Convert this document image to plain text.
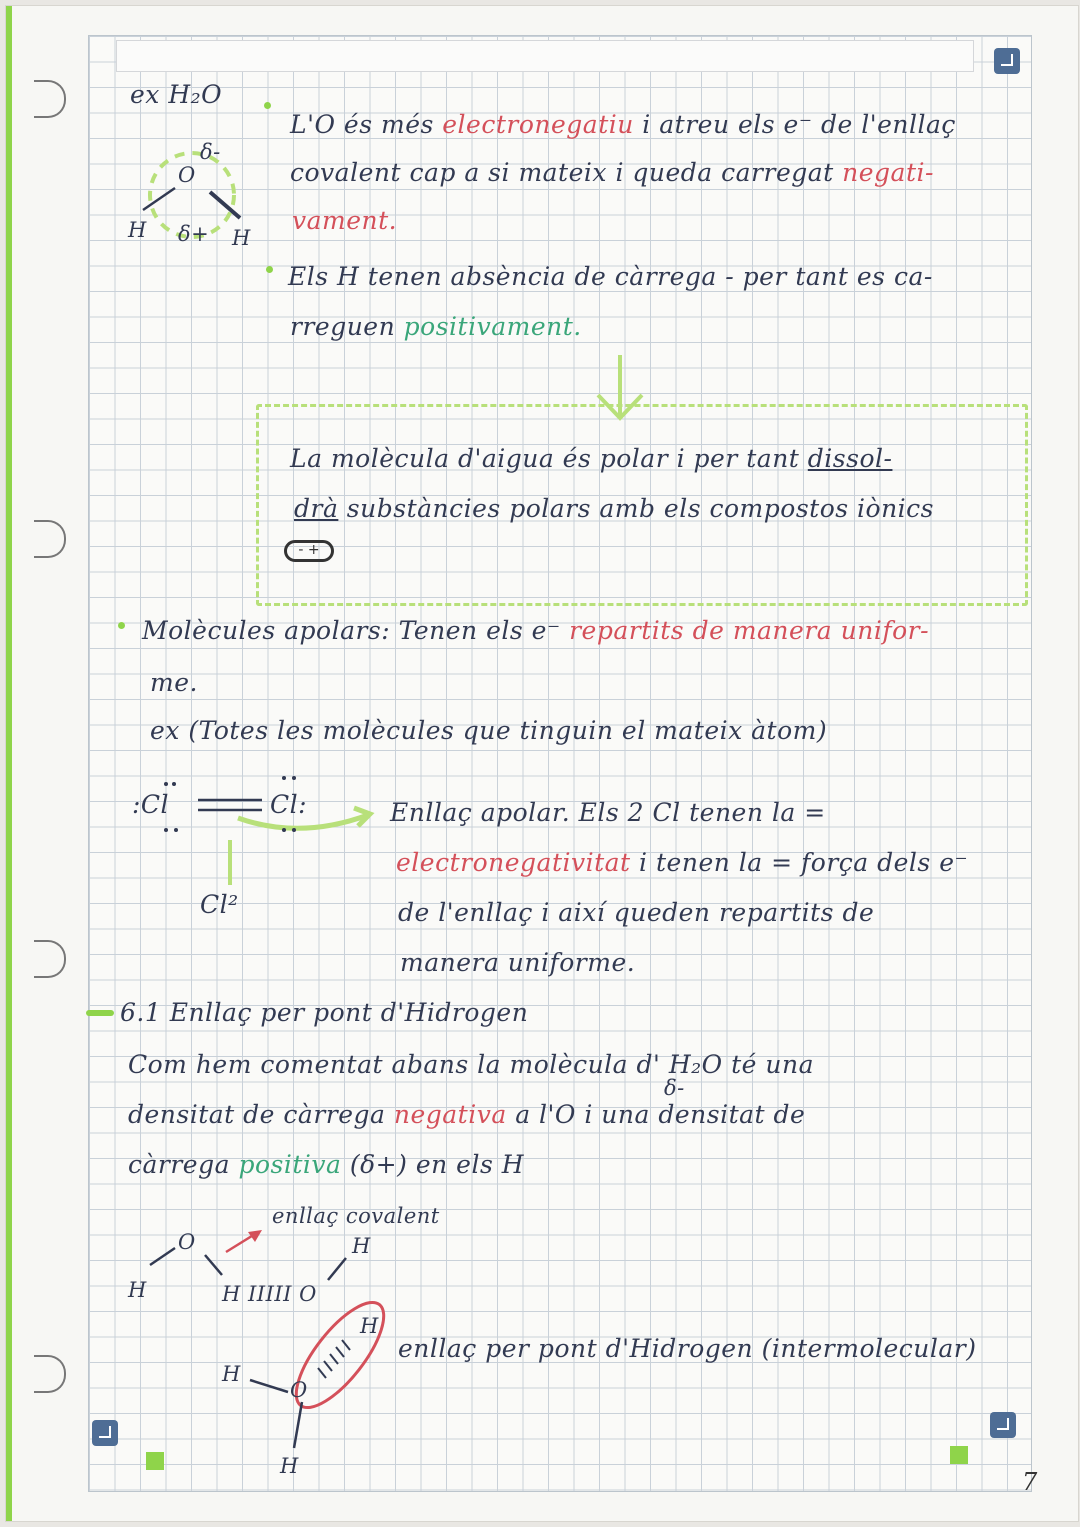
ex H₂O
O
δ-
H δ+ H
L'O és més electronegatiu i atreu els e⁻ de l'enllaç
covalent cap a si mateix i queda carregat negati-
vament.
Els H tenen absència de càrrega - per tant es ca-
rreguen positivament.
La molècula d'aigua és polar i per tant dissol-
drà substàncies polars amb els compostos iònics
- +
Molècules apolars: Tenen els e⁻ repartits de manera unifor-
me.
ex (Totes les molècules que tinguin el mateix àtom)
:Cl	Cl:
Cl²
Enllaç apolar. Els 2 Cl tenen la =
electronegativitat i tenen la = força dels e⁻
de l'enllaç i així queden repartits de
manera uniforme.
6.1 Enllaç per pont d'Hidrogen
Com hem comentat abans la molècula d' H₂O té una
densitat de càrrega negativa a l'O i una densitat de
δ-
càrrega positiva (δ+) en els H
enllaç covalent
O
H
H
H IIIII O
H
H
O
H
enllaç per pont d'Hidrogen (intermolecular)
7
